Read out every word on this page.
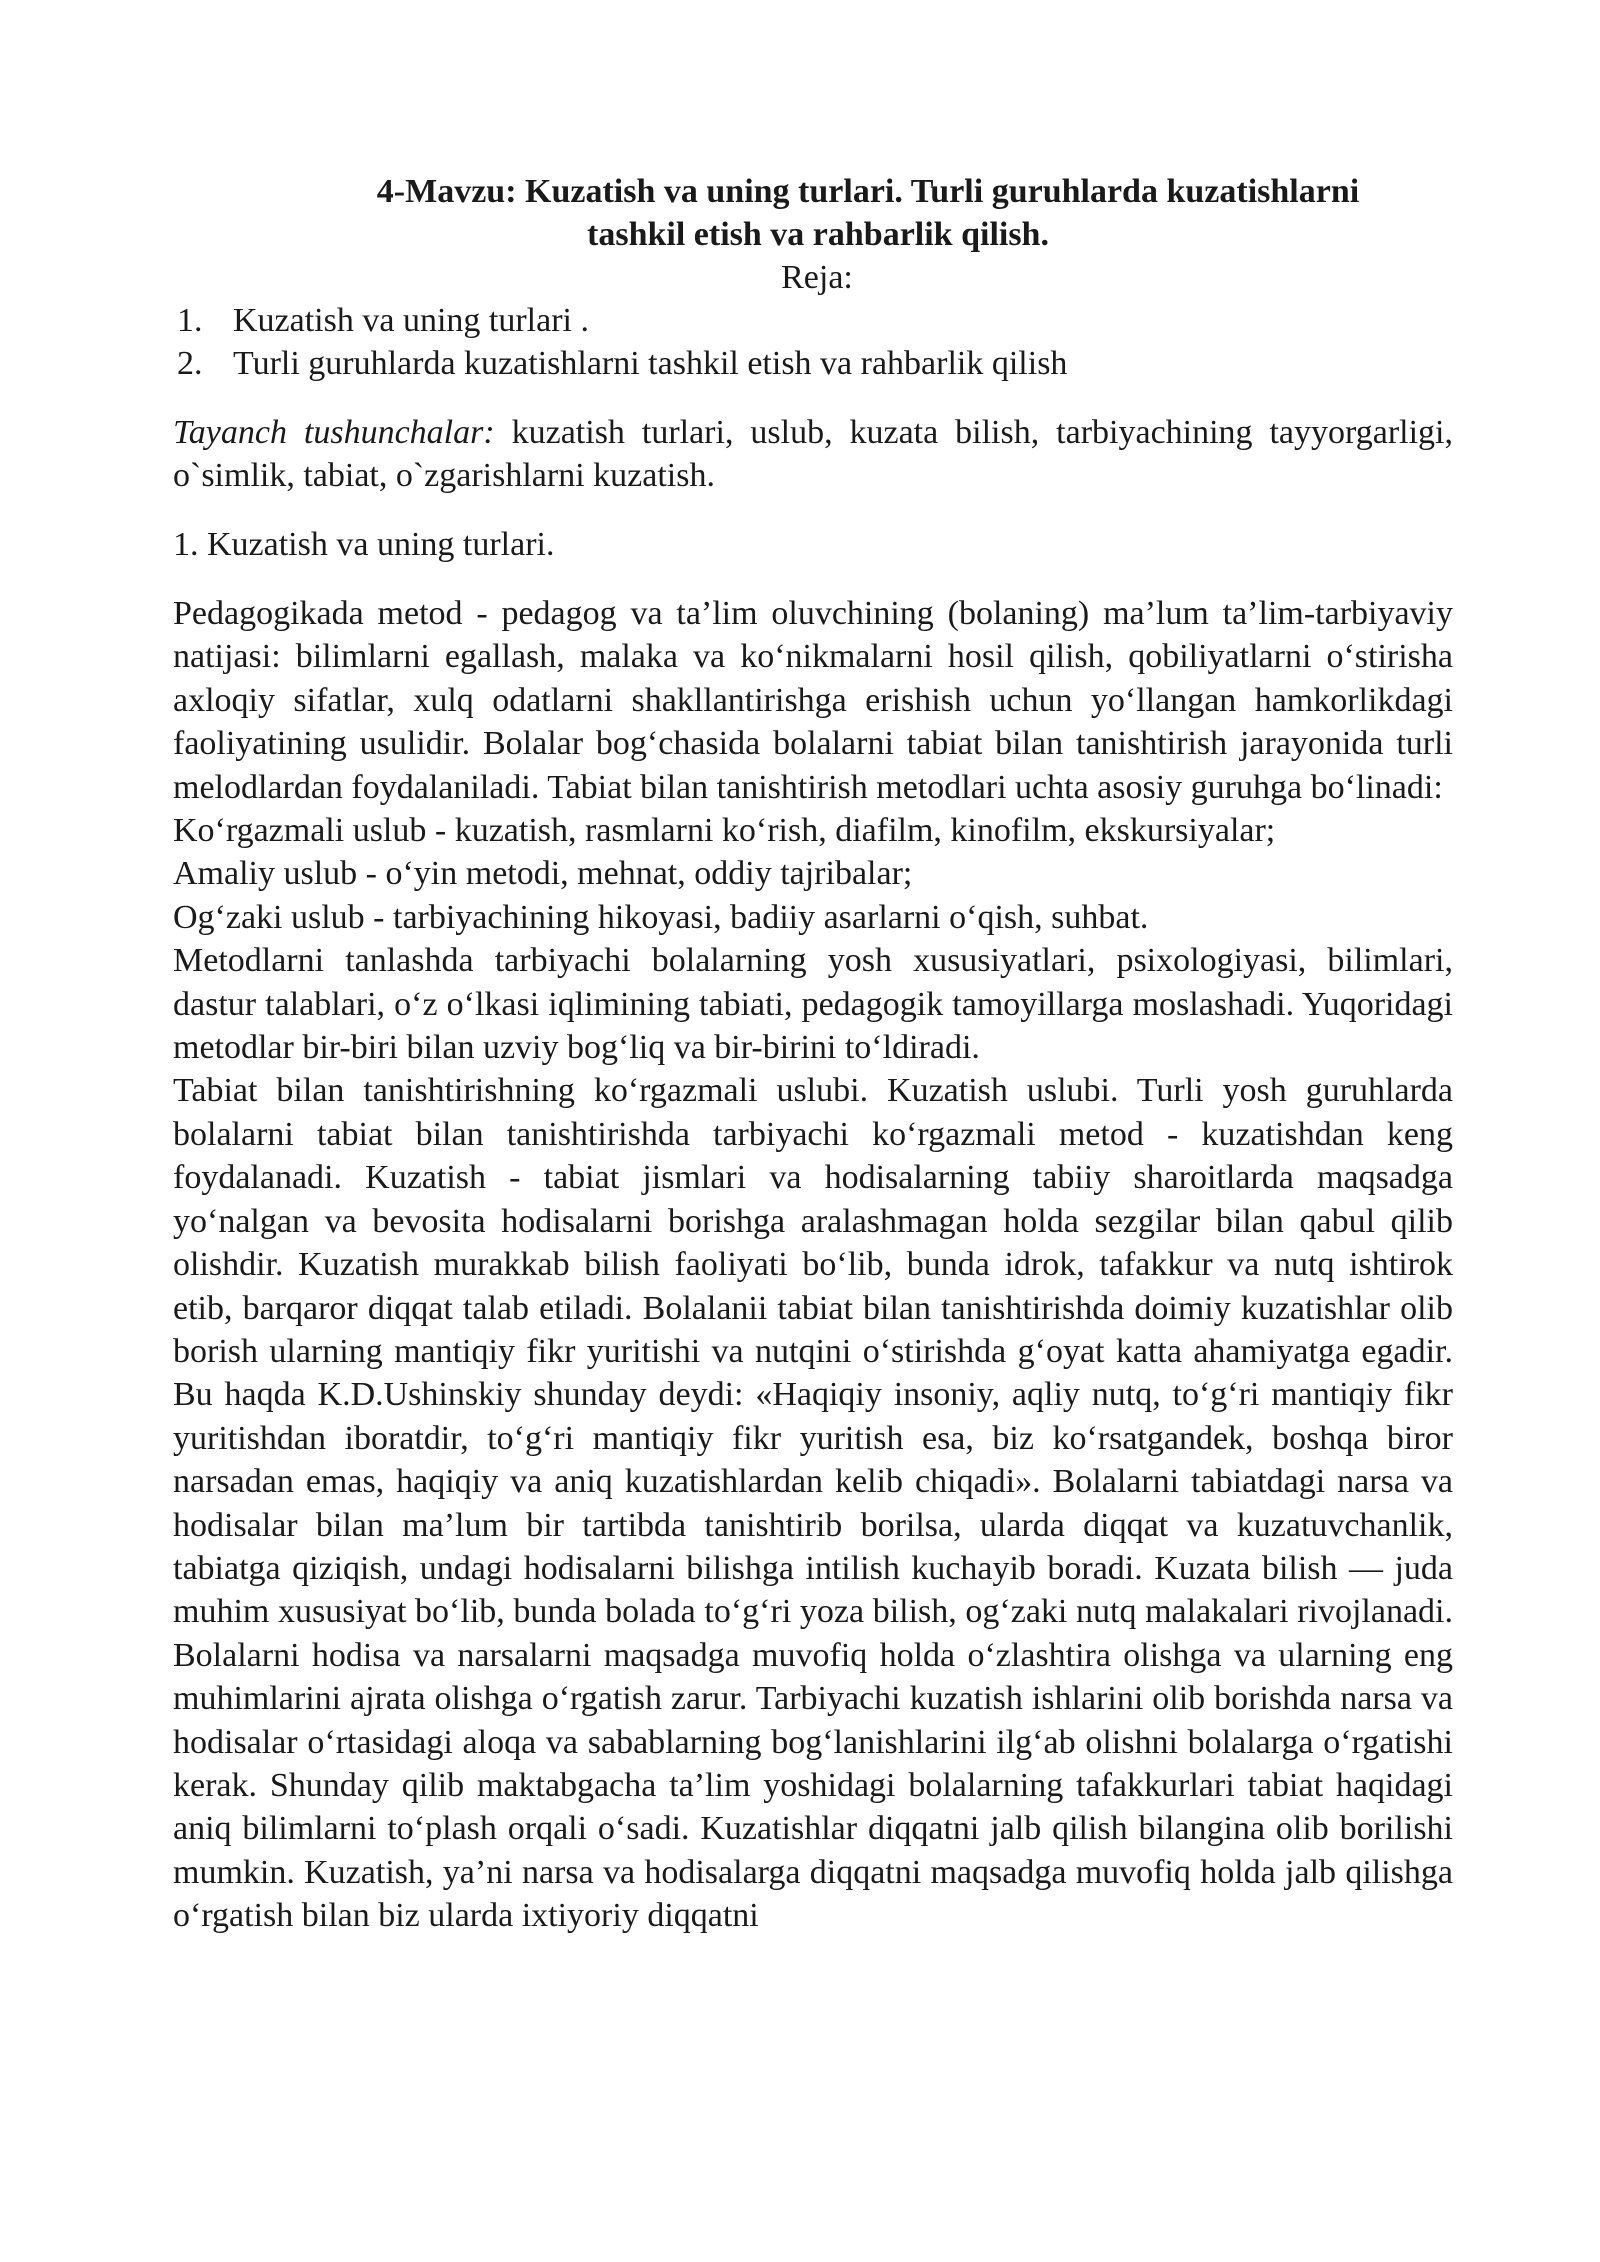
4-Mavzu: Kuzatish va uning turlari. Turli guruhlarda kuzatishlarni
tashkil etish va rahbarlik qilish.
Reja:
1. Kuzatish va uning turlari .
2. Turli guruhlarda kuzatishlarni tashkil etish va rahbarlik qilish

Tayanch tushunchalar: kuzatish turlari, uslub, kuzata bilish, tarbiyachining tayyorgarligi, o`simlik, tabiat, o`zgarishlarni kuzatish.

1. Kuzatish va uning turlari.

Pedagogikada metod - pedagog va ta’lim oluvchining (bolaning) ma’lum ta’lim-tarbiyaviy natijasi: bilimlarni egallash, malaka va ko‘nikmalarni hosil qilish, qobiliyatlarni o‘stirisha axloqiy sifatlar, xulq odatlarni shakllantirishga erishish uchun yo‘llangan hamkorlikdagi faoliyatining usulidir. Bolalar bog‘chasida bolalarni tabiat bilan tanishtirish jarayonida turli melodlardan foydalaniladi. Tabiat bilan tanishtirish metodlari uchta asosiy guruhga bo‘linadi:

Ko‘rgazmali uslub - kuzatish, rasmlarni ko‘rish, diafilm, kinofilm, ekskursiyalar;

Amaliy uslub - o‘yin metodi, mehnat, oddiy tajribalar;

Og‘zaki uslub - tarbiyachining hikoyasi, badiiy asarlarni o‘qish, suhbat.

Metodlarni tanlashda tarbiyachi bolalarning yosh xususiyatlari, psixologiyasi, bilimlari, dastur talablari, o‘z o‘lkasi iqlimining tabiati, pedagogik tamoyillarga moslashadi. Yuqoridagi metodlar bir-biri bilan uzviy bog‘liq va bir-birini to‘ldiradi.

Tabiat bilan tanishtirishning ko‘rgazmali uslubi. Kuzatish uslubi. Turli yosh guruhlarda bolalarni tabiat bilan tanishtirishda tarbiyachi ko‘rgazmali metod - kuzatishdan keng foydalanadi. Kuzatish - tabiat jismlari va hodisalarning tabiiy sharoitlarda maqsadga yo‘nalgan va bevosita hodisalarni borishga aralashmagan holda sezgilar bilan qabul qilib olishdir. Kuzatish murakkab bilish faoliyati bo‘lib, bunda idrok, tafakkur va nutq ishtirok etib, barqaror diqqat talab etiladi. Bolalanii tabiat bilan tanishtirishda doimiy kuzatishlar olib borish ularning mantiqiy fikr yuritishi va nutqini o‘stirishda g‘oyat katta ahamiyatga egadir. Bu haqda K.D.Ushinskiy shunday deydi: «Haqiqiy insoniy, aqliy nutq, to‘g‘ri mantiqiy fikr yuritishdan iboratdir, to‘g‘ri mantiqiy fikr yuritish esa, biz ko‘rsatgandek, boshqa biror narsadan emas, haqiqiy va aniq kuzatishlardan kelib chiqadi». Bolalarni tabiatdagi narsa va hodisalar bilan ma’lum bir tartibda tanishtirib borilsa, ularda diqqat va kuzatuvchanlik, tabiatga qiziqish, undagi hodisalarni bilishga intilish kuchayib boradi. Kuzata bilish — juda muhim xususiyat bo‘lib, bunda bolada to‘g‘ri yoza bilish, og‘zaki nutq malakalari rivojlanadi. Bolalarni hodisa va narsalarni maqsadga muvofiq holda o‘zlashtira olishga va ularning eng muhimlarini ajrata olishga o‘rgatish zarur. Tarbiyachi kuzatish ishlarini olib borishda narsa va hodisalar o‘rtasidagi aloqa va sabablarning bog‘lanishlarini ilg‘ab olishni bolalarga o‘rgatishi kerak. Shunday qilib maktabgacha ta’lim yoshidagi bolalarning tafakkurlari tabiat haqidagi aniq bilimlarni to‘plash orqali o‘sadi. Kuzatishlar diqqatni jalb qilish bilangina olib borilishi mumkin. Kuzatish, ya’ni narsa va hodisalarga diqqatni maqsadga muvofiq holda jalb qilishga o‘rgatish bilan biz ularda ixtiyoriy diqqatni
